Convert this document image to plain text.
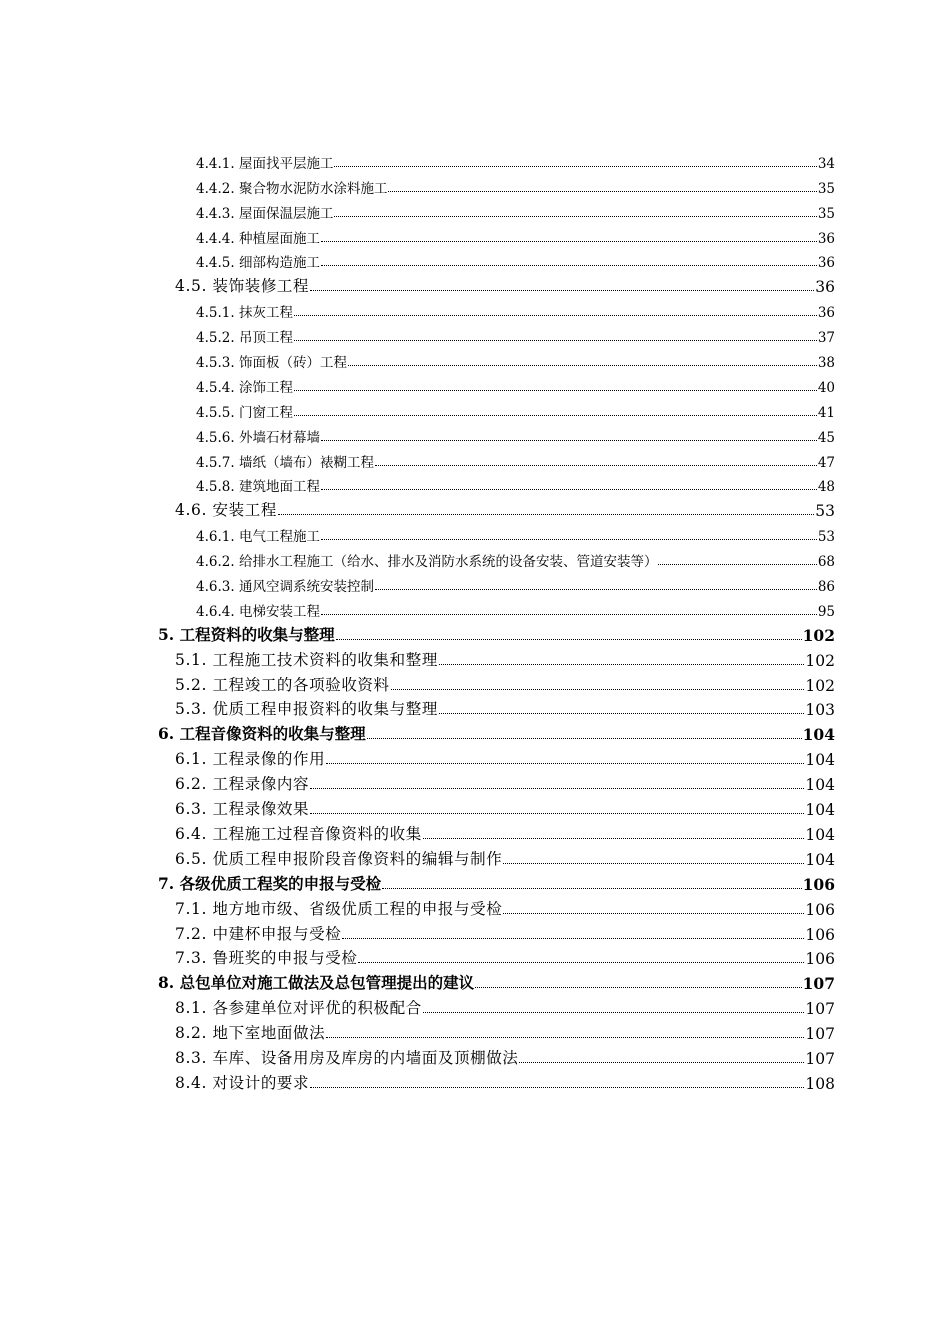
4.4.1. 屋面找平层施工	34
4.4.2. 聚合物水泥防水涂料施工	35
4.4.3. 屋面保温层施工	35
4.4.4. 种植屋面施工	36
4.4.5. 细部构造施工	36
4.5. 装饰装修工程	36
4.5.1. 抹灰工程	36
4.5.2. 吊顶工程	37
4.5.3. 饰面板（砖）工程	38
4.5.4. 涂饰工程	40
4.5.5. 门窗工程	41
4.5.6. 外墙石材幕墙	45
4.5.7. 墙纸（墙布）裱糊工程	47
4.5.8. 建筑地面工程	48
4.6. 安装工程	53
4.6.1. 电气工程施工	53
4.6.2. 给排水工程施工（给水、排水及消防水系统的设备安装、管道安装等）	68
4.6.3. 通风空调系统安装控制	86
4.6.4. 电梯安装工程	95
5. 工程资料的收集与整理	102
5.1. 工程施工技术资料的收集和整理	102
5.2. 工程竣工的各项验收资料	102
5.3. 优质工程申报资料的收集与整理	103
6. 工程音像资料的收集与整理	104
6.1. 工程录像的作用	104
6.2. 工程录像内容	104
6.3. 工程录像效果	104
6.4. 工程施工过程音像资料的收集	104
6.5. 优质工程申报阶段音像资料的编辑与制作	104
7. 各级优质工程奖的申报与受检	106
7.1. 地方地市级、省级优质工程的申报与受检	106
7.2. 中建杯申报与受检	106
7.3. 鲁班奖的申报与受检	106
8. 总包单位对施工做法及总包管理提出的建议	107
8.1. 各参建单位对评优的积极配合	107
8.2. 地下室地面做法	107
8.3. 车库、设备用房及库房的内墙面及顶棚做法	107
8.4. 对设计的要求	108
